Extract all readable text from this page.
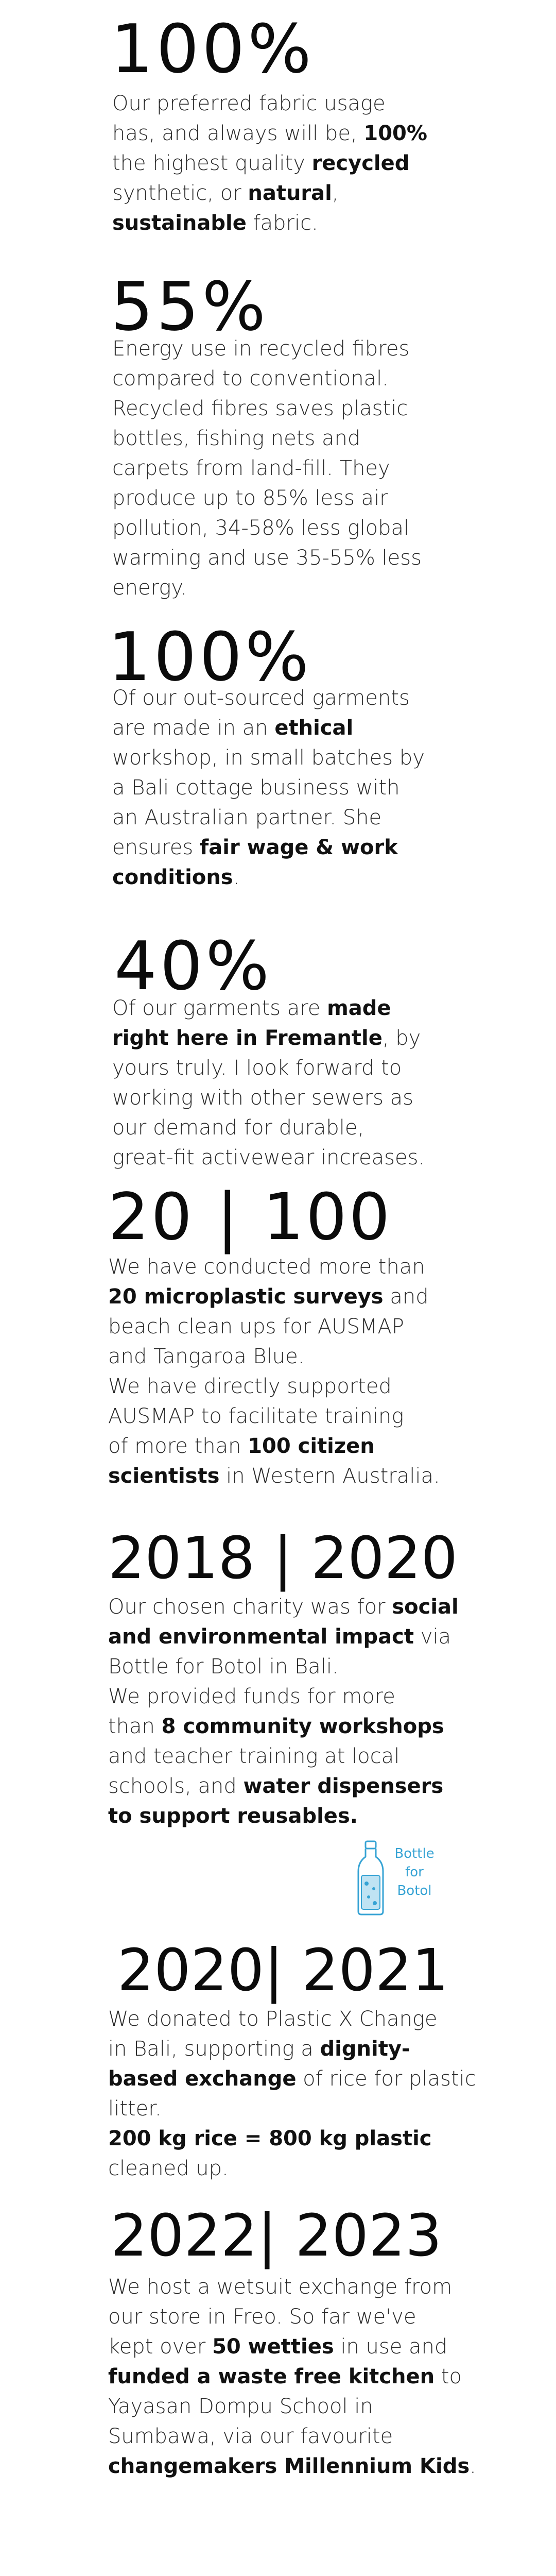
100%
Our preferred fabric usage
has, and always will be, 100%
the highest quality recycled
synthetic, or natural,
sustainable fabric.
55%
Energy use in recycled fibres
compared to conventional.
Recycled fibres saves plastic
bottles, fishing nets and
carpets from land-fill. They
produce up to 85% less air
pollution, 34-58% less global
warming and use 35-55% less
energy.
100%
Of our out-sourced garments
are made in an ethical
workshop, in small batches by
a Bali cottage business with
an Australian partner. She
ensures fair wage & work
conditions.
40%
Of our garments are made
right here in Fremantle, by
yours truly. I look forward to
working with other sewers as
our demand for durable,
great-fit activewear increases.
20 | 100
We have conducted more than
20 microplastic surveys and
beach clean ups for AUSMAP
and Tangaroa Blue.
We have directly supported
AUSMAP to facilitate training
of more than 100 citizen
scientists in Western Australia.
2018 | 2020
Our chosen charity was for social
and environmental impact via
Bottle for Botol in Bali.
We provided funds for more
than 8 community workshops
and teacher training at local
schools, and water dispensers
to support reusables.
Bottle
for
Botol
2020| 2021
We donated to Plastic X Change
in Bali, supporting a dignity-
based exchange of rice for plastic
litter.
200 kg rice = 800 kg plastic
cleaned up.
2022| 2023
We host a wetsuit exchange from
our store in Freo. So far we've
kept over 50 wetties in use and
funded a waste free kitchen to
Yayasan Dompu School in
Sumbawa, via our favourite
changemakers Millennium Kids.
